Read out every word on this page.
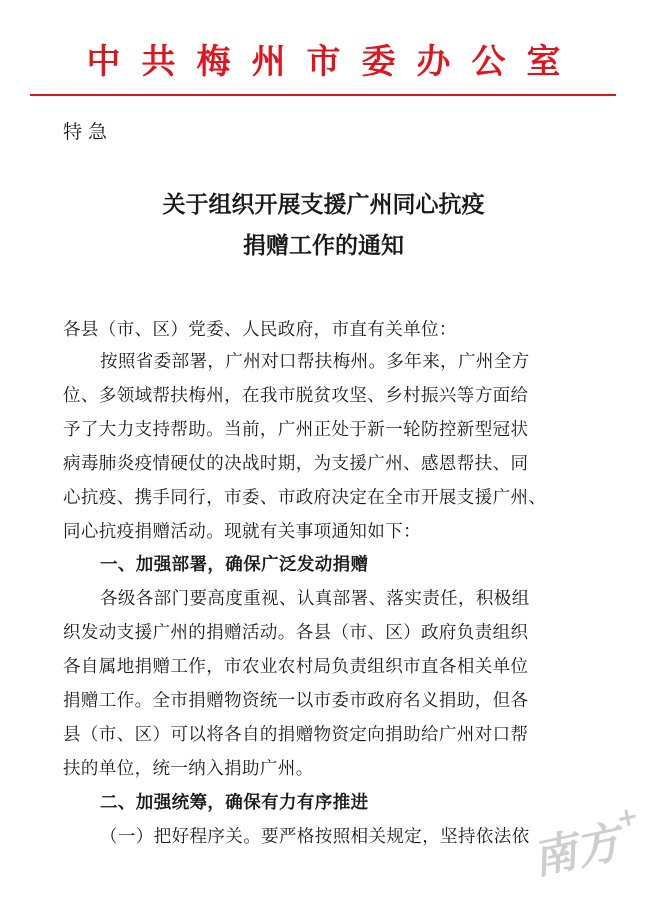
中共梅州市委办公室
特急
关于组织开展支援广州同心抗疫
捐赠工作的通知
各县（市、区）党委、人民政府，市直有关单位：
按照省委部署，广州对口帮扶梅州。多年来，广州全方
位、多领域帮扶梅州，在我市脱贫攻坚、乡村振兴等方面给
予了大力支持帮助。当前，广州正处于新一轮防控新型冠状
病毒肺炎疫情硬仗的决战时期，为支援广州、感恩帮扶、同
心抗疫、携手同行，市委、市政府决定在全市开展支援广州、
同心抗疫捐赠活动。现就有关事项通知如下：
一、加强部署，确保广泛发动捐赠
各级各部门要高度重视、认真部署、落实责任，积极组
织发动支援广州的捐赠活动。各县（市、区）政府负责组织
各自属地捐赠工作，市农业农村局负责组织市直各相关单位
捐赠工作。全市捐赠物资统一以市委市政府名义捐助，但各
县（市、区）可以将各自的捐赠物资定向捐助给广州对口帮
扶的单位，统一纳入捐助广州。
二、加强统筹，确保有力有序推进
（一）把好程序关。要严格按照相关规定，坚持依法依
南方+
